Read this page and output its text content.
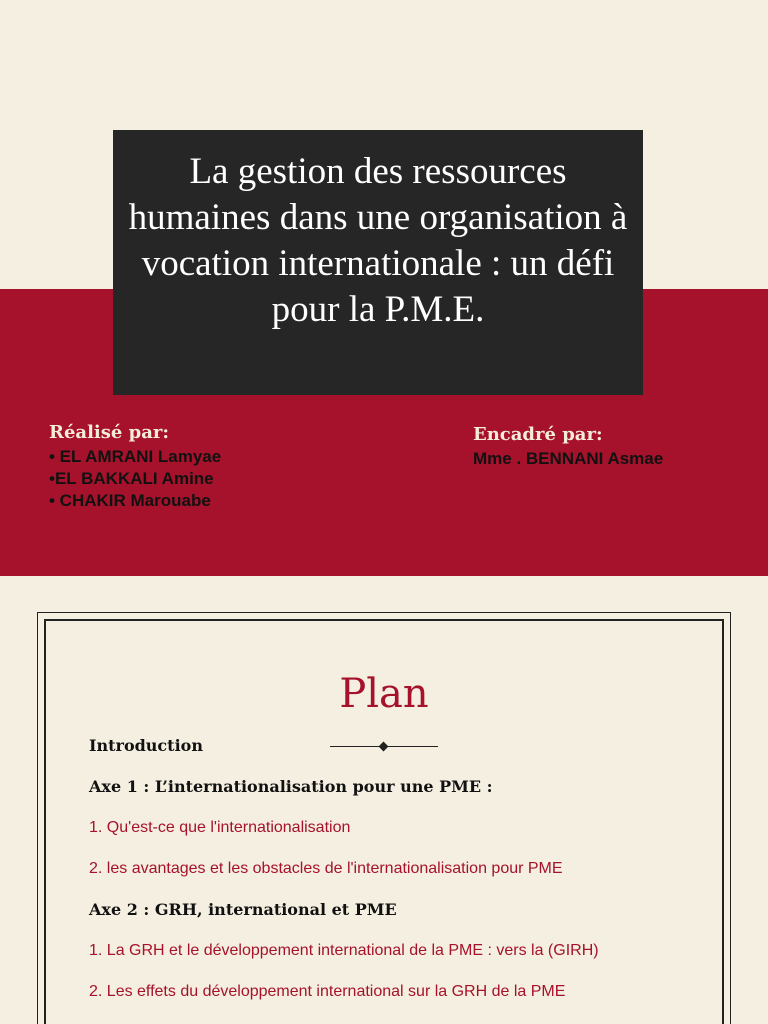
La gestion des ressources humaines dans une organisation à vocation internationale : un défi pour la P.M.E.
Réalisé par:
• EL AMRANI Lamyae
•EL BAKKALI Amine
• CHAKIR Marouabe
Encadré par:
Mme . BENNANI Asmae
Plan
Introduction
Axe 1 : L’internationalisation pour une PME :
1. Qu'est-ce que l'internationalisation
2. les avantages et les obstacles de l'internationalisation pour PME
Axe 2 : GRH, international et PME
1. La GRH et le développement international de la PME : vers la (GIRH)
2. Les effets du développement international sur la GRH de la PME
